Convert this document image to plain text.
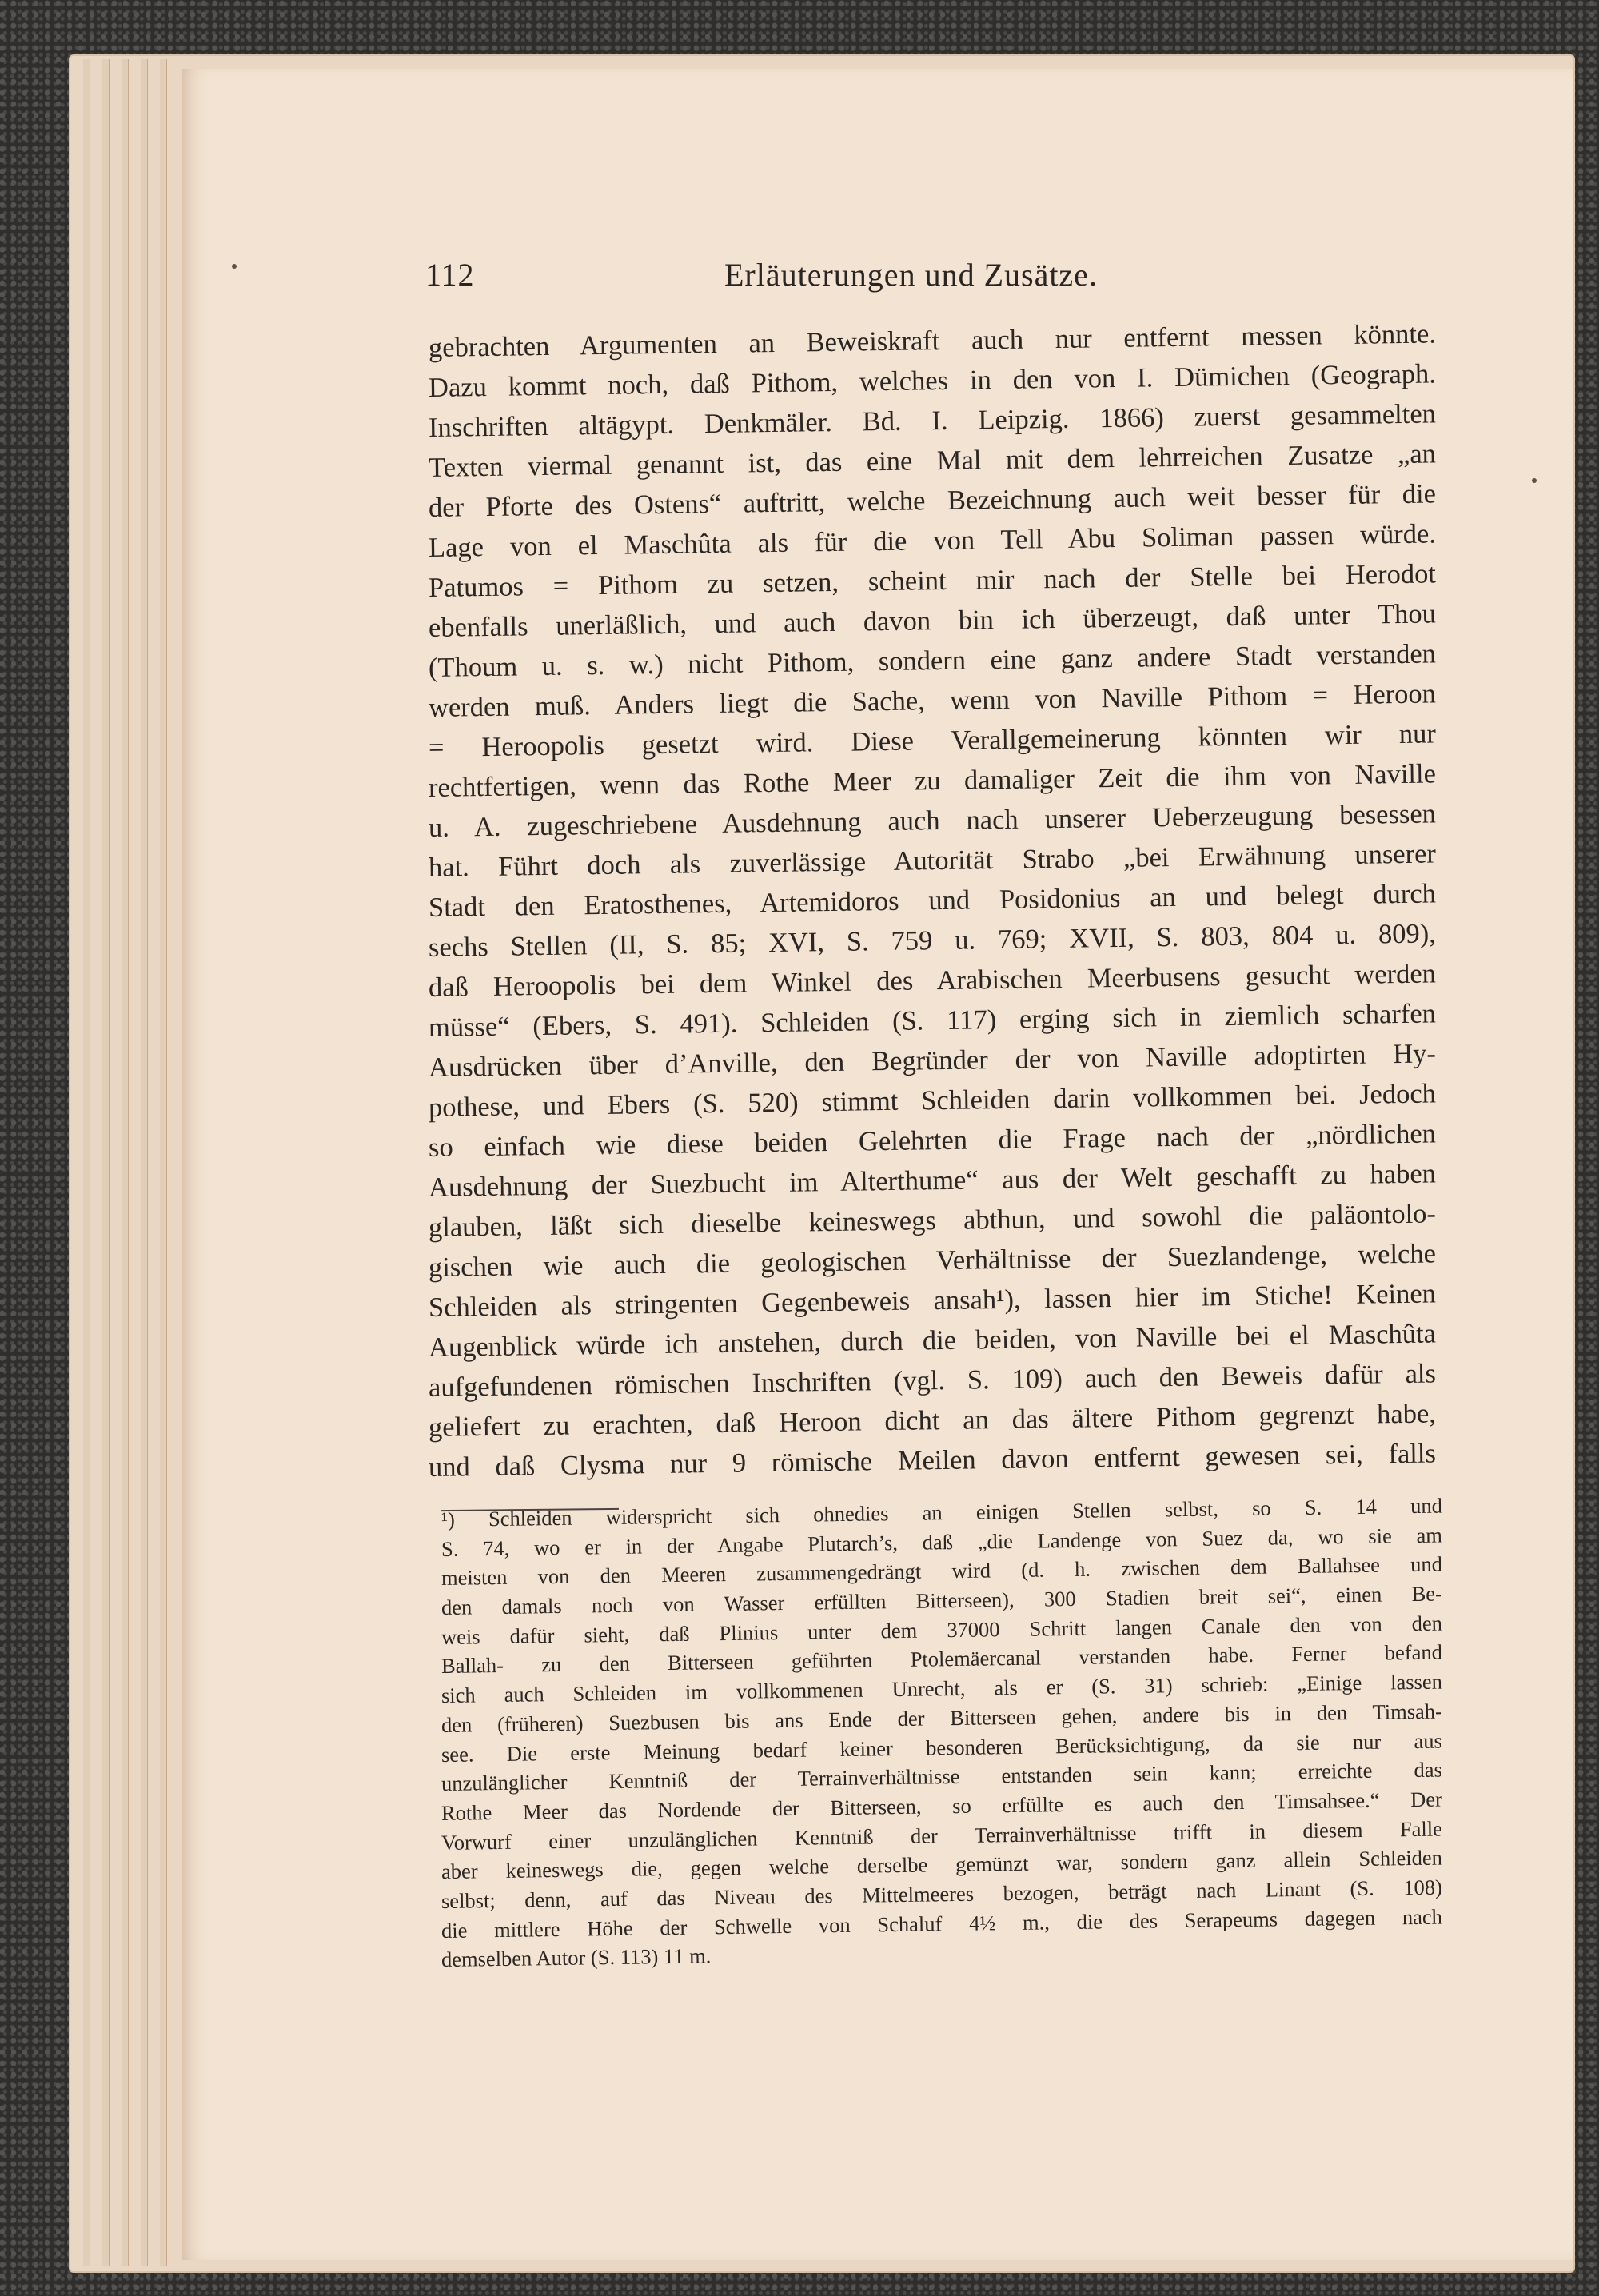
112	Erläuterungen und Zusätze.
gebrachten Argumenten an Beweiskraft auch nur entfernt messen könnte.
Dazu kommt noch, daß Pithom, welches in den von I. Dümichen (Geograph.
Inschriften altägypt. Denkmäler. Bd. I. Leipzig. 1866) zuerst gesammelten
Texten viermal genannt ist, das eine Mal mit dem lehrreichen Zusatze „an
der Pforte des Ostens“ auftritt, welche Bezeichnung auch weit besser für die
Lage von el Maschûta als für die von Tell Abu Soliman passen würde.
Patumos = Pithom zu setzen, scheint mir nach der Stelle bei Herodot
ebenfalls unerläßlich, und auch davon bin ich überzeugt, daß unter Thou
(Thoum u. s. w.) nicht Pithom, sondern eine ganz andere Stadt verstanden
werden muß. Anders liegt die Sache, wenn von Naville Pithom = Heroon
= Heroopolis gesetzt wird. Diese Verallgemeinerung könnten wir nur
rechtfertigen, wenn das Rothe Meer zu damaliger Zeit die ihm von Naville
u. A. zugeschriebene Ausdehnung auch nach unserer Ueberzeugung besessen
hat. Führt doch als zuverlässige Autorität Strabo „bei Erwähnung unserer
Stadt den Eratosthenes, Artemidoros und Posidonius an und belegt durch
sechs Stellen (II, S. 85; XVI, S. 759 u. 769; XVII, S. 803, 804 u. 809),
daß Heroopolis bei dem Winkel des Arabischen Meerbusens gesucht werden
müsse“ (Ebers, S. 491). Schleiden (S. 117) erging sich in ziemlich scharfen
Ausdrücken über d’Anville, den Begründer der von Naville adoptirten Hy-
pothese, und Ebers (S. 520) stimmt Schleiden darin vollkommen bei. Jedoch
so einfach wie diese beiden Gelehrten die Frage nach der „nördlichen
Ausdehnung der Suezbucht im Alterthume“ aus der Welt geschafft zu haben
glauben, läßt sich dieselbe keineswegs abthun, und sowohl die paläontolo-
gischen wie auch die geologischen Verhältnisse der Suezlandenge, welche
Schleiden als stringenten Gegenbeweis ansah¹), lassen hier im Stiche! Keinen
Augenblick würde ich anstehen, durch die beiden, von Naville bei el Maschûta
aufgefundenen römischen Inschriften (vgl. S. 109) auch den Beweis dafür als
geliefert zu erachten, daß Heroon dicht an das ältere Pithom gegrenzt habe,
und daß Clysma nur 9 römische Meilen davon entfernt gewesen sei, falls
¹) Schleiden widerspricht sich ohnedies an einigen Stellen selbst, so S. 14 und
S. 74, wo er in der Angabe Plutarch’s, daß „die Landenge von Suez da, wo sie am
meisten von den Meeren zusammengedrängt wird (d. h. zwischen dem Ballahsee und
den damals noch von Wasser erfüllten Bitterseen), 300 Stadien breit sei“, einen Be-
weis dafür sieht, daß Plinius unter dem 37000 Schritt langen Canale den von den
Ballah- zu den Bitterseen geführten Ptolemäercanal verstanden habe. Ferner befand
sich auch Schleiden im vollkommenen Unrecht, als er (S. 31) schrieb: „Einige lassen
den (früheren) Suezbusen bis ans Ende der Bitterseen gehen, andere bis in den Timsah-
see. Die erste Meinung bedarf keiner besonderen Berücksichtigung, da sie nur aus
unzulänglicher Kenntniß der Terrainverhältnisse entstanden sein kann; erreichte das
Rothe Meer das Nordende der Bitterseen, so erfüllte es auch den Timsahsee.“ Der
Vorwurf einer unzulänglichen Kenntniß der Terrainverhältnisse trifft in diesem Falle
aber keineswegs die, gegen welche derselbe gemünzt war, sondern ganz allein Schleiden
selbst; denn, auf das Niveau des Mittelmeeres bezogen, beträgt nach Linant (S. 108)
die mittlere Höhe der Schwelle von Schaluf 4½ m., die des Serapeums dagegen nach
demselben Autor (S. 113) 11 m.
